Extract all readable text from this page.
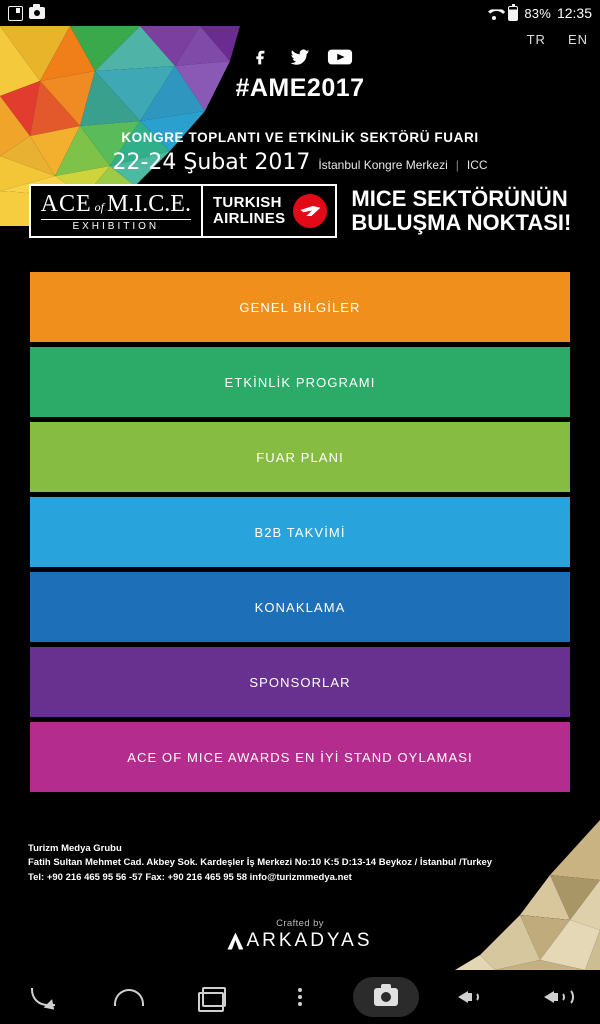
83% 12:35
TR EN
#AME2017
KONGRE TOPLANTI VE ETKİNLİK SEKTÖRÜ FUARI
22-24 Şubat 2017 İstanbul Kongre Merkezi | ICC
ACE of M.I.C.E.
EXHIBITION
TURKISH
AIRLINES
MICE SEKTÖRÜNÜN
BULUŞMA NOKTASI!
GENEL BİLGİLER
ETKİNLİK PROGRAMI
FUAR PLANI
B2B TAKVİMİ
KONAKLAMA
SPONSORLAR
ACE OF MICE AWARDS EN İYİ STAND OYLAMASI
Turizm Medya Grubu
Fatih Sultan Mehmet Cad. Akbey Sok. Kardeşler İş Merkezi No:10 K:5 D:13-14 Beykoz / İstanbul /Turkey
Tel: +90 216 465 95 56 -57 Fax: +90 216 465 95 58 info@turizmmedya.net
Crafted by
ARKADYAS
